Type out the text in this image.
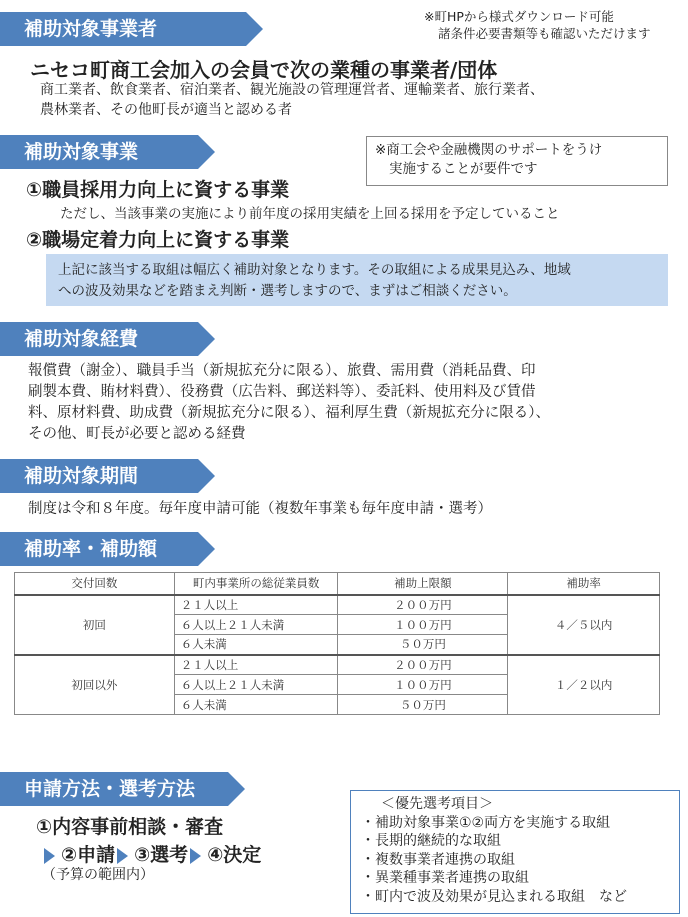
補助対象事業者
※町HPから様式ダウンロード可能
諸条件必要書類等も確認いただけます
ニセコ町商工会加入の会員で次の業種の事業者/団体
商工業者、飲食業者、宿泊業者、観光施設の管理運営者、運輸業者、旅行業者、
農林業者、その他町長が適当と認める者
補助対象事業	※商工会や金融機関のサポートをうけ
実施することが要件です
①職員採用力向上に資する事業
ただし、当該事業の実施により前年度の採用実績を上回る採用を予定していること
②職場定着力向上に資する事業
上記に該当する取組は幅広く補助対象となります。その取組による成果見込み、地域
への波及効果などを踏まえ判断・選考しますので、まずはご相談ください。
補助対象経費
報償費（謝金）、職員手当（新規拡充分に限る）、旅費、需用費（消耗品費、印
刷製本費、賄材料費）、役務費（広告料、郵送料等）、委託料、使用料及び賃借
料、原材料費、助成費（新規拡充分に限る）、福利厚生費（新規拡充分に限る）、
その他、町長が必要と認める経費
補助対象期間
制度は令和８年度。毎年度申請可能（複数年事業も毎年度申請・選考）
補助率・補助額
交付回数	町内事業所の総従業員数	補助上限額	補助率
初回	２１人以上	２００万円	４／５以内
	６人以上２１人未満	１００万円	
	６人未満	５０万円	
初回以外	２１人以上	２００万円	１／２以内
	６人以上２１人未満	１００万円	
	６人未満	５０万円	
申請方法・選考方法
①内容事前相談・審査
②申請 ③選考 ④決定
（予算の範囲内）
＜優先選考項目＞
・補助対象事業①②両方を実施する取組
・長期的継続的な取組
・複数事業者連携の取組
・異業種事業者連携の取組
・町内で波及効果が見込まれる取組　など
